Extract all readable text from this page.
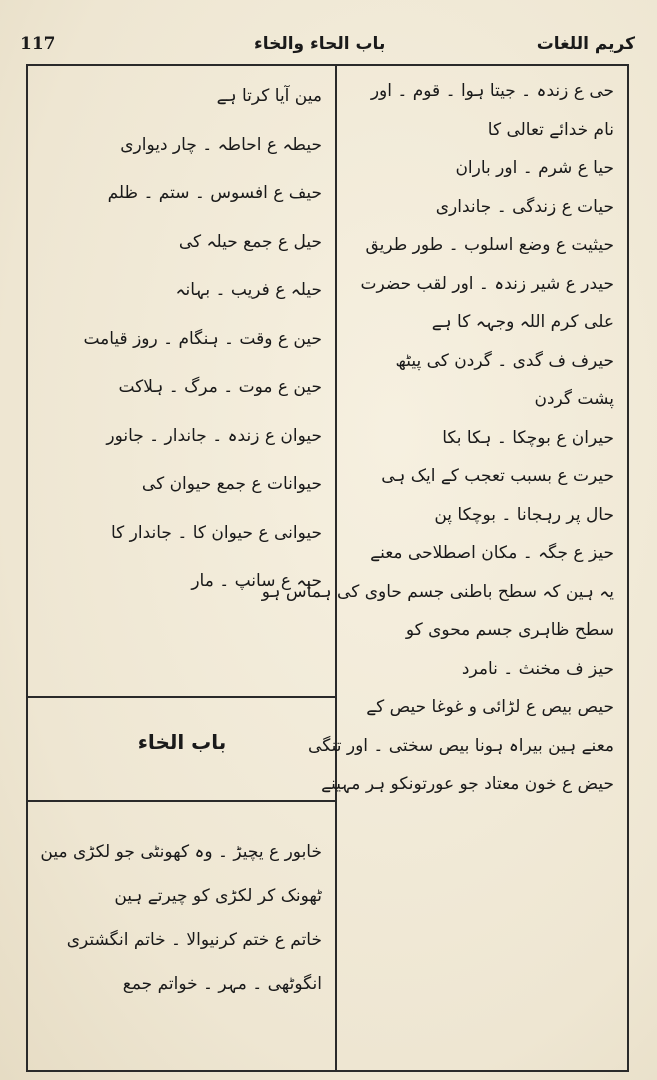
کریم اللغات
باب الحاء والخاء
117
حی ع زندہ ۔ جیتا ہوا ۔ قوم ۔ اور
نام خدائے تعالی کا
حیا ع شرم ۔ اور باران
حیات ع زندگی ۔ جانداری
حیثیت ع وضع اسلوب ۔ طور طریق
حیدر ع شیر زندہ ۔ اور لقب حضرت
علی کرم اللہ وجہہ کا ہے
حیرف ف گدی ۔ گردن کی پیٹھ
پشت گردن
حیران ع بوچکا ۔ ہکا بکا
حیرت ع بسبب تعجب کے ایک ہی
حال پر رہجانا ۔ بوچکا پن
حیز ع جگہ ۔ مکان اصطلاحی معنے
یہ ہین کہ سطح باطنی جسم حاوی کی ہماس ہو
سطح ظاہری جسم محوی کو
حیز ف مخنث ۔ نامرد
حیص بیص ع لڑائی و غوغا حیص کے
معنے ہین بیراہ ہونا بیص سختی ۔ اور تنگی
حیض ع خون معتاد جو عورتونکو ہر مہینے
مین آیا کرتا ہے
حیطہ ع احاطہ ۔ چار دیواری
حیف ع افسوس ۔ ستم ۔ ظلم
حیل ع جمع حیلہ کی
حیلہ ع فریب ۔ بہانہ
حین ع وقت ۔ ہنگام ۔ روز قیامت
حین ع موت ۔ مرگ ۔ ہلاکت
حیوان ع زندہ ۔ جاندار ۔ جانور
حیوانات ع جمع حیوان کی
حیوانی ع حیوان کا ۔ جاندار کا
حیہ ع سانپ ۔ مار
باب الخاء
خابور ع یچیڑ ۔ وہ کھونٹی جو لکڑی مین
ٹھونک کر لکڑی کو چیرتے ہین
خاتم ع ختم کرنیوالا ۔ خاتم انگشتری
انگوٹھی ۔ مہر ۔ خواتم جمع
